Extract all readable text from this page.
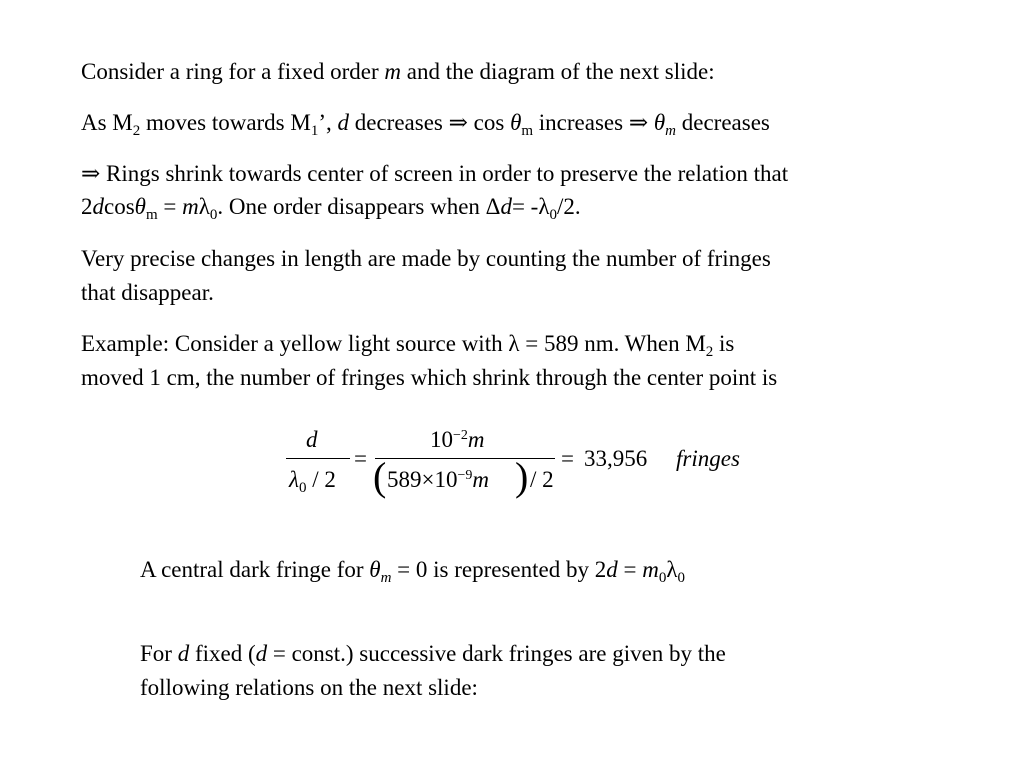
Consider a ring for a fixed order m and the diagram of the next slide:
As $M_2$ moves towards $M_1$’, d decreases ⇒ $\cos \theta_m$ increases ⇒ $\theta_m$ decreases
⇒ Rings shrink towards center of screen in order to preserve the relation that
$2dcos\theta_m = m\lambda_0$. One order disappears when $\Delta d= -\lambda_0/2$.
Very precise changes in length are made by counting the number of fringes
that disappear.
Example: Consider a yellow light source with λ = 589 nm. When $M_2$ is
moved 1 cm, the number of fringes which shrink through the center point is
d
$\lambda_0 / 2$
=
$10^{-2}m$
( $589\times 10^{-9}m$ ) / 2
= 33,956 fringes
A central dark fringe for $\theta_m = 0$ is represented by $2d = m_0\lambda_0$
For d fixed (d = const.) successive dark fringes are given by the
following relations on the next slide:
